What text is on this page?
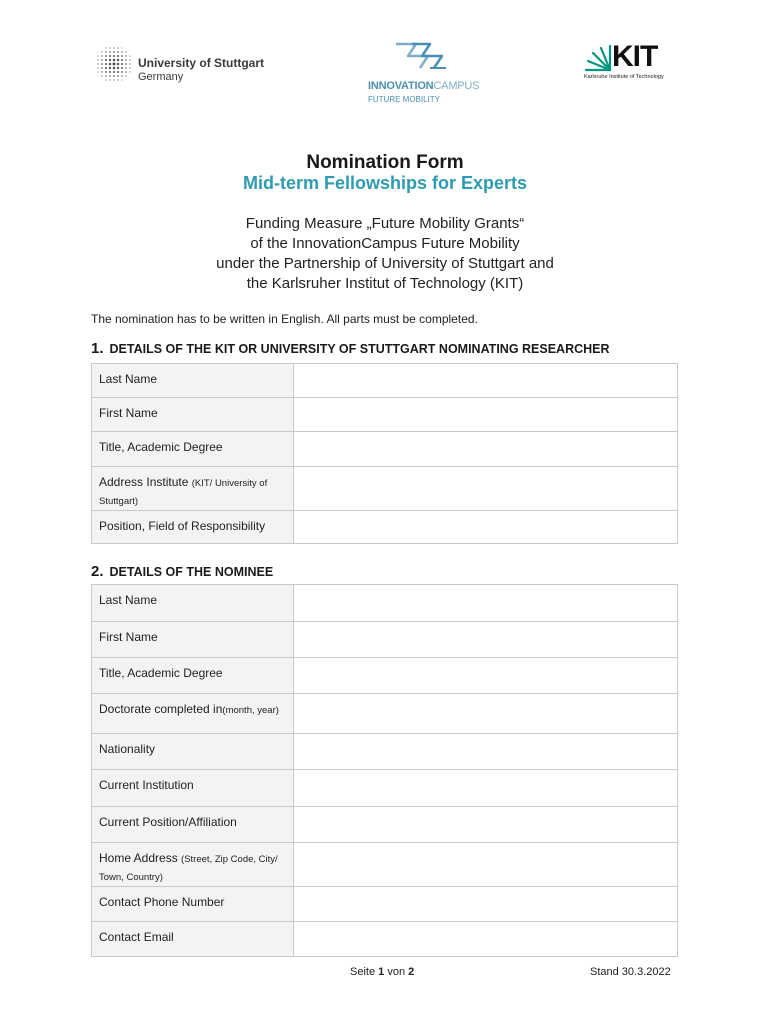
University of Stuttgart
Germany
INNOVATIONCAMPUS
FUTURE MOBILITY
KIT
Karlsruhe Institute of Technology
Nomination Form
Mid-term Fellowships for Experts
Funding Measure „Future Mobility Grants“
of the InnovationCampus Future Mobility
under the Partnership of University of Stuttgart and
the Karlsruher Institut of Technology (KIT)
The nomination has to be written in English. All parts must be completed.
1. DETAILS OF THE KIT OR UNIVERSITY OF STUTTGART NOMINATING RESEARCHER
Last Name	
First Name	
Title, Academic Degree	
Address Institute (KIT/ University of Stuttgart)	
Position, Field of Responsibility	
2. DETAILS OF THE NOMINEE
Last Name	
First Name	
Title, Academic Degree	
Doctorate completed in(month, year)	
Nationality	
Current Institution	
Current Position/Affiliation	
Home Address (Street, Zip Code, City/ Town, Country)	
Contact Phone Number	
Contact Email	
Seite 1 von 2	Stand 30.3.2022
